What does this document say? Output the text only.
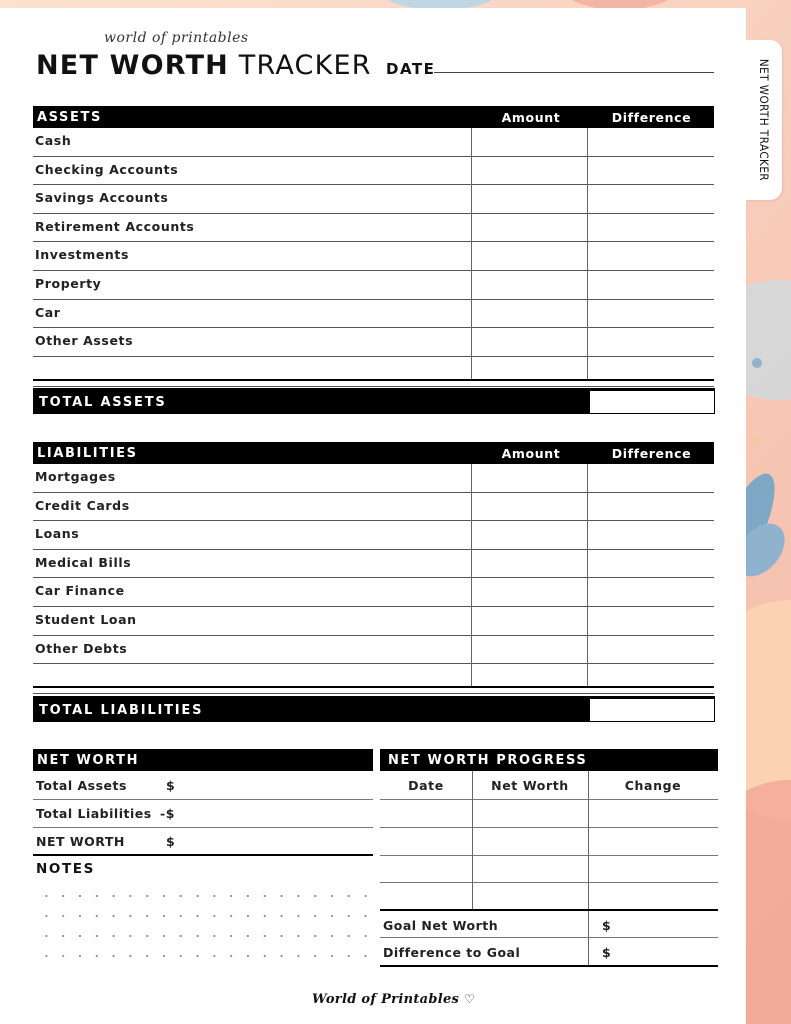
NET WORTH TRACKER
world of printables
NET WORTH TRACKER DATE
ASSETS	Amount	Difference
Cash
Checking Accounts
Savings Accounts
Retirement Accounts
Investments
Property
Car
Other Assets
TOTAL ASSETS
LIABILITIES	Amount	Difference
Mortgages
Credit Cards
Loans
Medical Bills
Car Finance
Student Loan
Other Debts
TOTAL LIABILITIES
NET WORTH
Total Assets	$
Total Liabilities -$
NET WORTH	$
NOTES
NET WORTH PROGRESS
Date	Net Worth	Change
Goal Net Worth	$
Difference to Goal	$
World of Printables ♡
